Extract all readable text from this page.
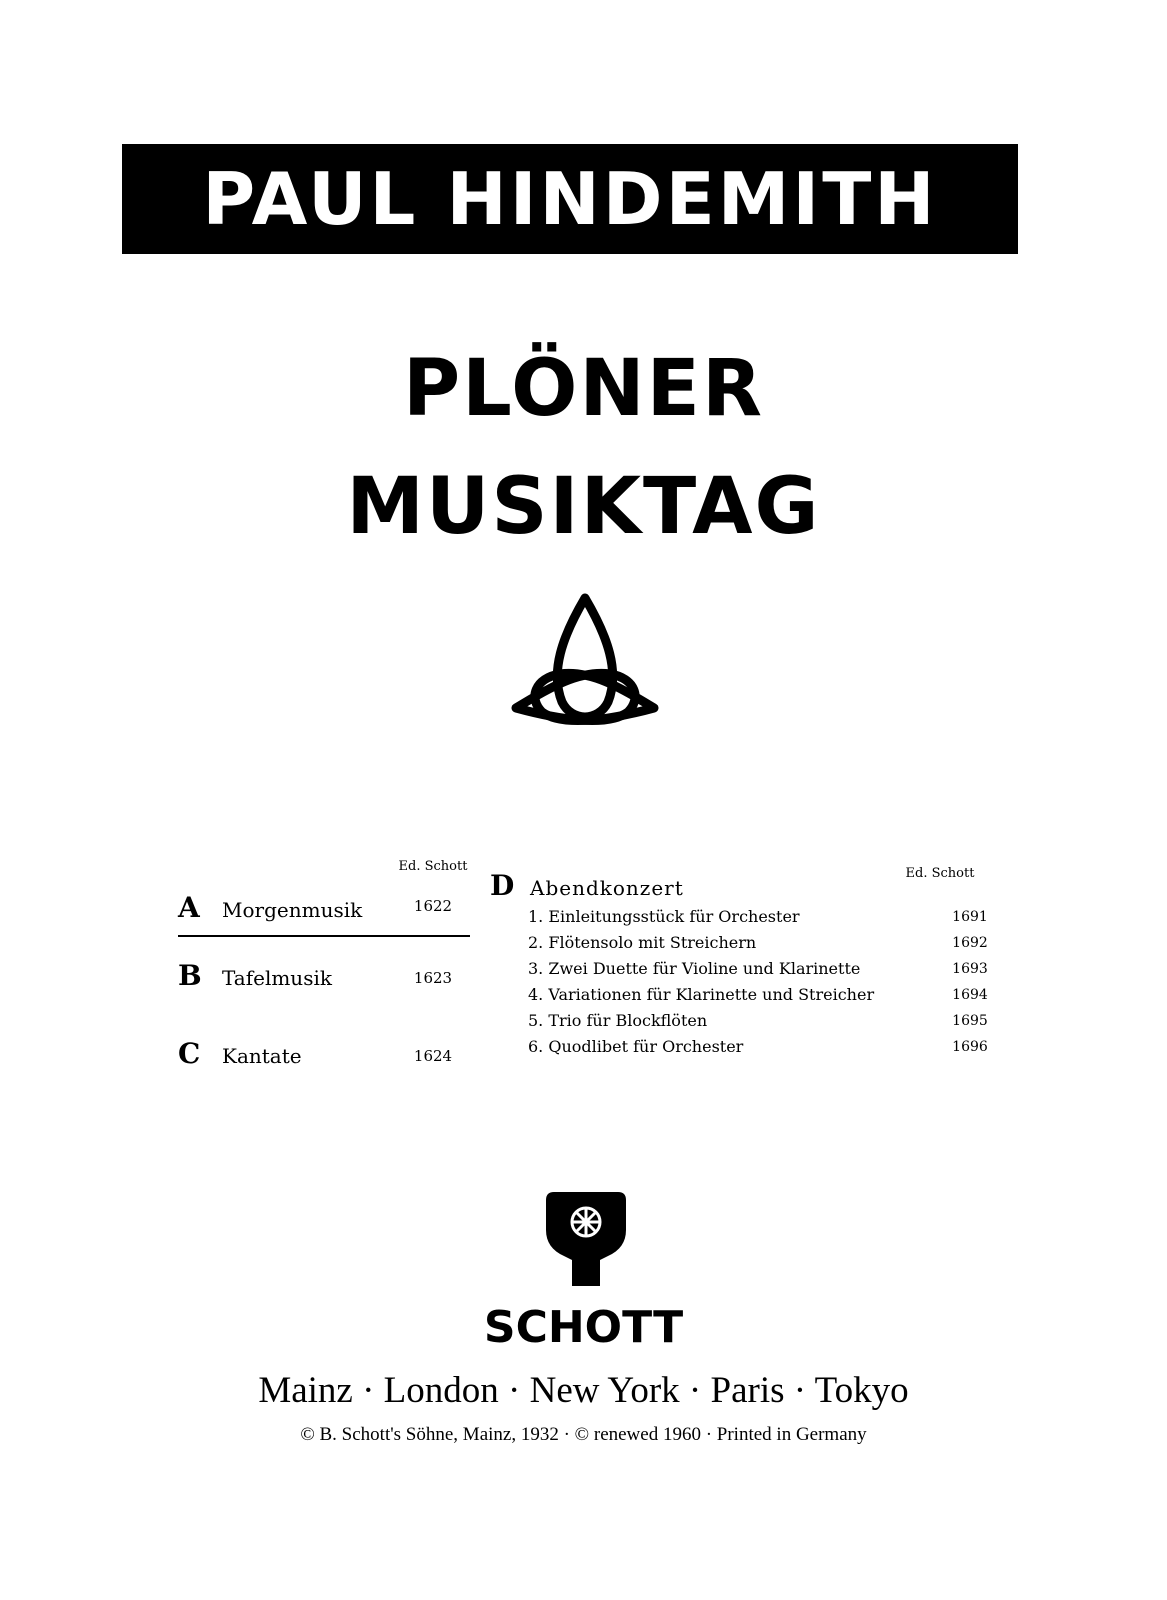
PAUL HINDEMITH
PLÖNER
MUSIKTAG
Ed. Schott
A Morgenmusik	1622
B Tafelmusik	1623
C Kantate	1624
Ed. Schott
D Abendkonzert
1. Einleitungsstück für Orchester	1691
2. Flötensolo mit Streichern	1692
3. Zwei Duette für Violine und Klarinette	1693
4. Variationen für Klarinette und Streicher	1694
5. Trio für Blockflöten	1695
6. Quodlibet für Orchester	1696
SCHOTT
Mainz · London · New York · Paris · Tokyo
© B. Schott's Söhne, Mainz, 1932 · © renewed 1960 · Printed in Germany
